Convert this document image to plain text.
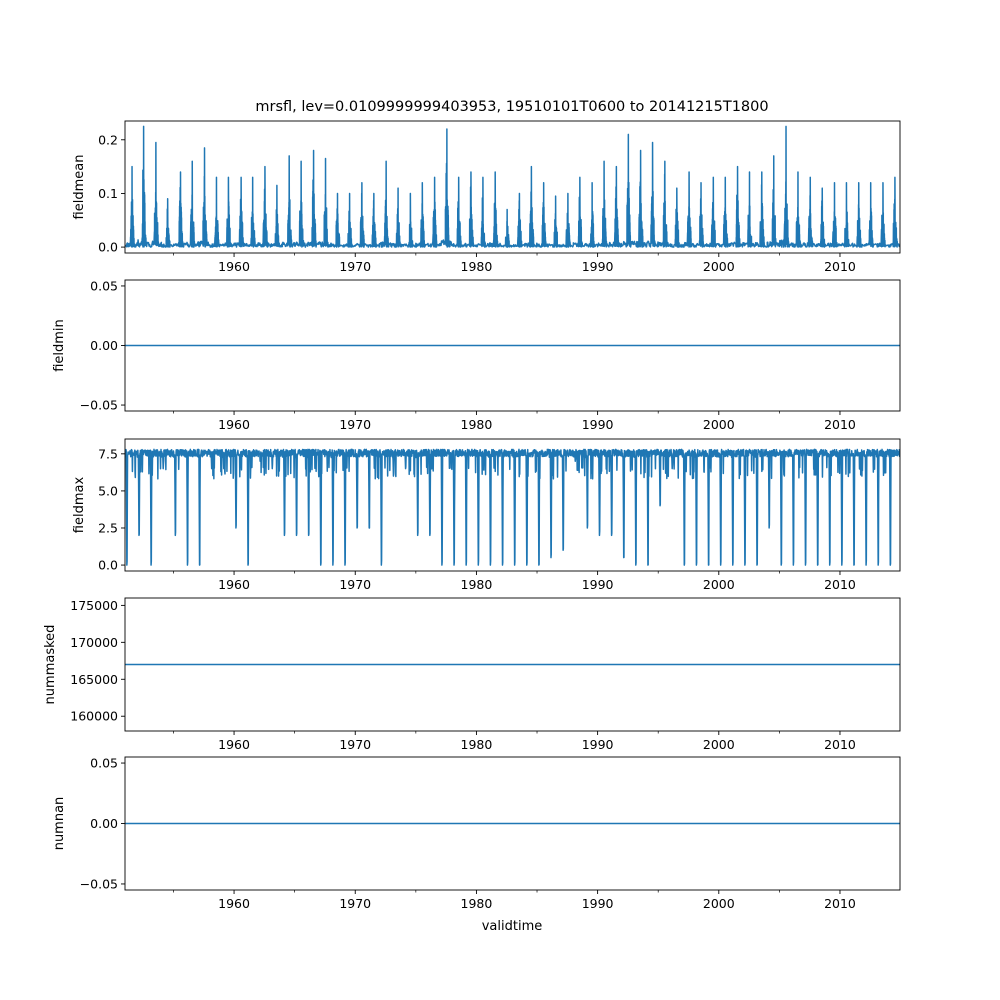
mrsfl, lev=0.0109999999403953, 19510101T0600 to 20141215T1800
validtime
0.0
0.1
0.2
1960	1970	1980	1990	2000	2010
fieldmean
−0.05
0.00
0.05
1960	1970	1980	1990	2000	2010
fieldmin
0.0
2.5
5.0
7.5
1960	1970	1980	1990	2000	2010
fieldmax
160000
165000
170000
175000
1960	1970	1980	1990	2000	2010
nummasked
−0.05
0.00
0.05
1960	1970	1980	1990	2000	2010
numnan
